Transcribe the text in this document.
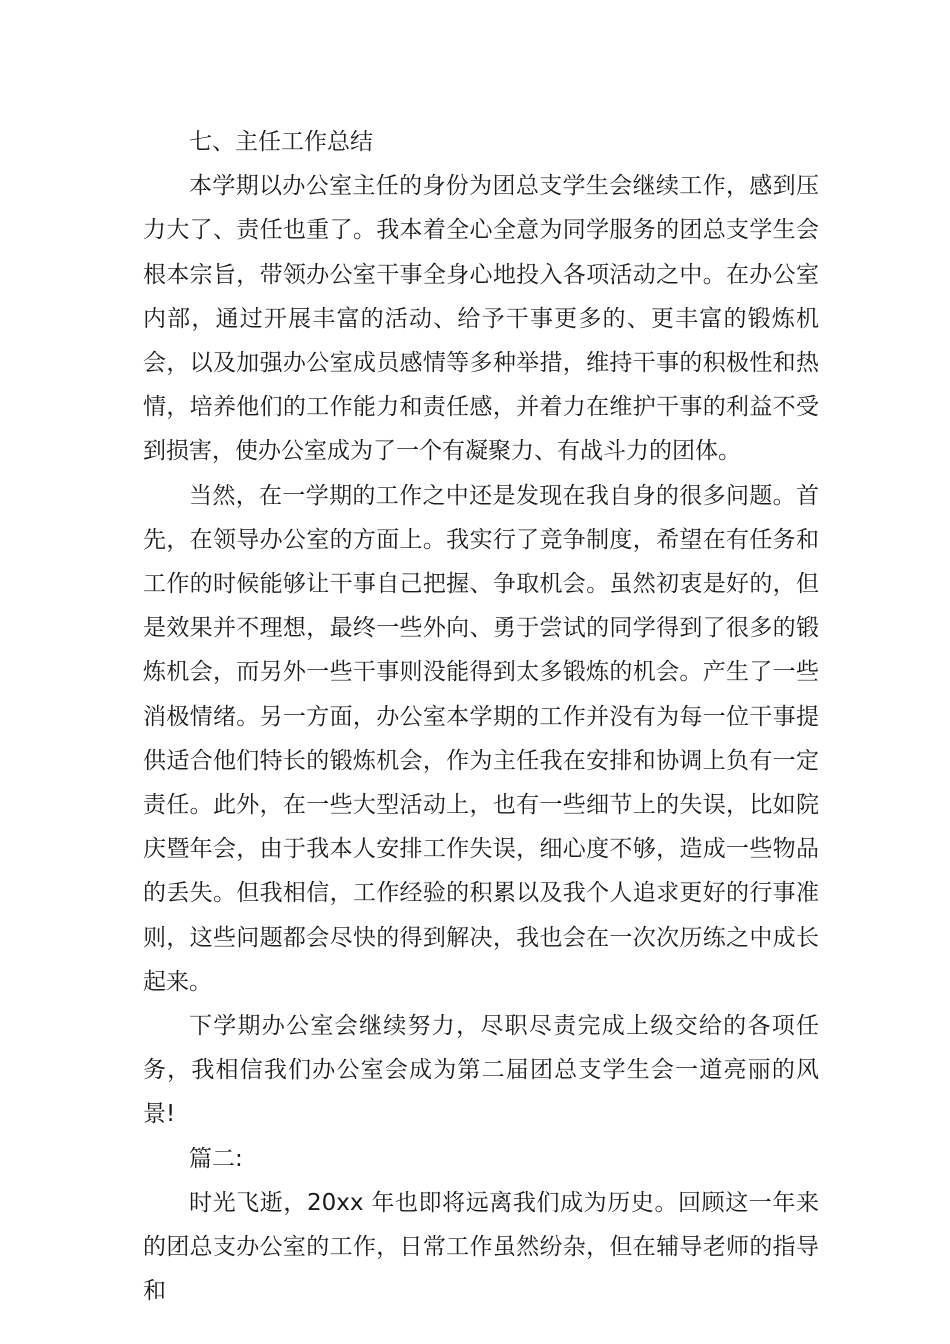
七、主任工作总结

本学期以办公室主任的身份为团总支学生会继续工作，感到压力大了、责任也重了。我本着全心全意为同学服务的团总支学生会根本宗旨，带领办公室干事全身心地投入各项活动之中。在办公室内部，通过开展丰富的活动、给予干事更多的、更丰富的锻炼机会，以及加强办公室成员感情等多种举措，维持干事的积极性和热情，培养他们的工作能力和责任感，并着力在维护干事的利益不受到损害，使办公室成为了一个有凝聚力、有战斗力的团体。

当然，在一学期的工作之中还是发现在我自身的很多问题。首先，在领导办公室的方面上。我实行了竞争制度，希望在有任务和工作的时候能够让干事自己把握、争取机会。虽然初衷是好的，但是效果并不理想，最终一些外向、勇于尝试的同学得到了很多的锻炼机会，而另外一些干事则没能得到太多锻炼的机会。产生了一些消极情绪。另一方面，办公室本学期的工作并没有为每一位干事提供适合他们特长的锻炼机会，作为主任我在安排和协调上负有一定责任。此外，在一些大型活动上，也有一些细节上的失误，比如院庆暨年会，由于我本人安排工作失误，细心度不够，造成一些物品的丢失。但我相信，工作经验的积累以及我个人追求更好的行事准则，这些问题都会尽快的得到解决，我也会在一次次历练之中成长起来。

下学期办公室会继续努力，尽职尽责完成上级交给的各项任务，我相信我们办公室会成为第二届团总支学生会一道亮丽的风景!

篇二:

时光飞逝，20xx 年也即将远离我们成为历史。回顾这一年来的团总支办公室的工作，日常工作虽然纷杂，但在辅导老师的指导和
